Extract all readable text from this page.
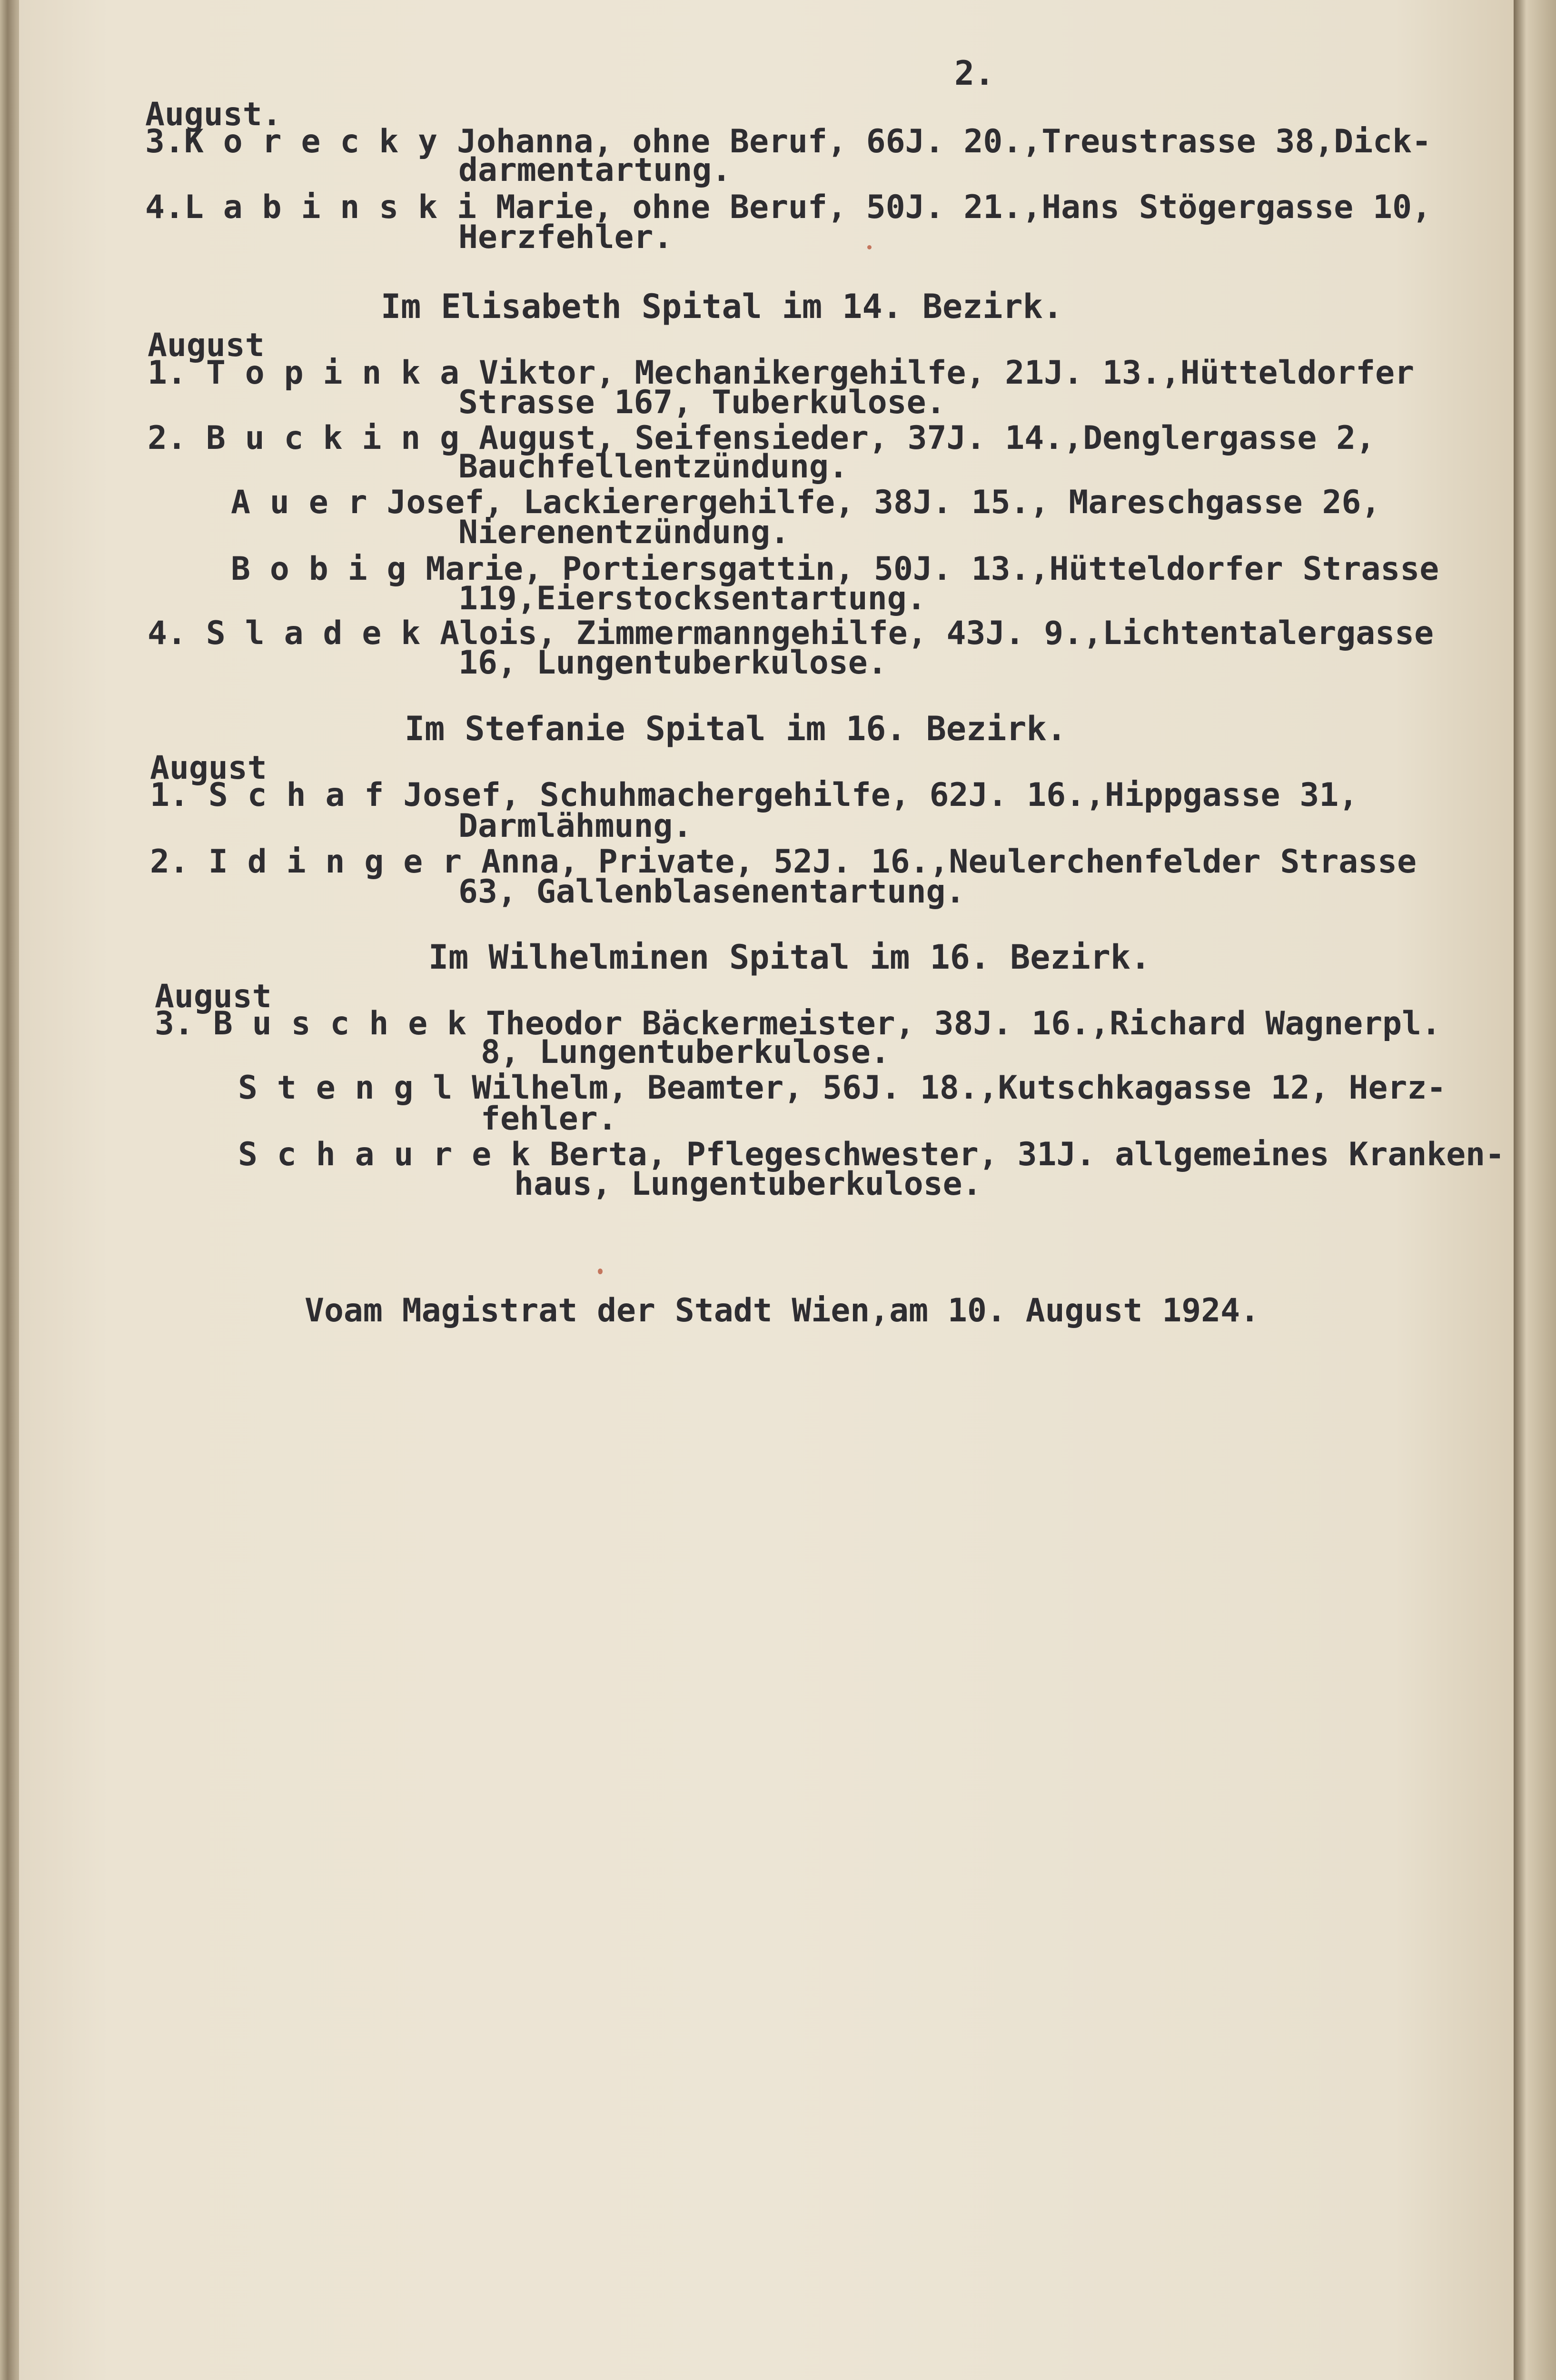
2.
August.
3.K o r e c k y Johanna, ohne Beruf, 66J. 20.,Treustrasse 38,Dick-
darmentartung.
4.L a b i n s k i Marie, ohne Beruf, 50J. 21.,Hans Stögergasse 10,
Herzfehler.
Im Elisabeth Spital im 14. Bezirk.
August
1. T o p i n k a Viktor, Mechanikergehilfe, 21J. 13.,Hütteldorfer
Strasse 167, Tuberkulose.
2. B u c k i n g August, Seifensieder, 37J. 14.,Denglergasse 2,
Bauchfellentzündung.
A u e r Josef, Lackierergehilfe, 38J. 15., Mareschgasse 26,
Nierenentzündung.
B o b i g Marie, Portiersgattin, 50J. 13.,Hütteldorfer Strasse
119,Eierstocksentartung.
4. S l a d e k Alois, Zimmermanngehilfe, 43J. 9.,Lichtentalergasse
16, Lungentuberkulose.
Im Stefanie Spital im 16. Bezirk.
August
1. S c h a f Josef, Schuhmachergehilfe, 62J. 16.,Hippgasse 31,
Darmlähmung.
2. I d i n g e r Anna, Private, 52J. 16.,Neulerchenfelder Strasse
63, Gallenblasenentartung.
Im Wilhelminen Spital im 16. Bezirk.
August
3. B u s c h e k Theodor Bäckermeister, 38J. 16.,Richard Wagnerpl.
8, Lungentuberkulose.
S t e n g l Wilhelm, Beamter, 56J. 18.,Kutschkagasse 12, Herz-
fehler.
S c h a u r e k Berta, Pflegeschwester, 31J. allgemeines Kranken-
haus, Lungentuberkulose.
Voam Magistrat der Stadt Wien,am 10. August 1924.
